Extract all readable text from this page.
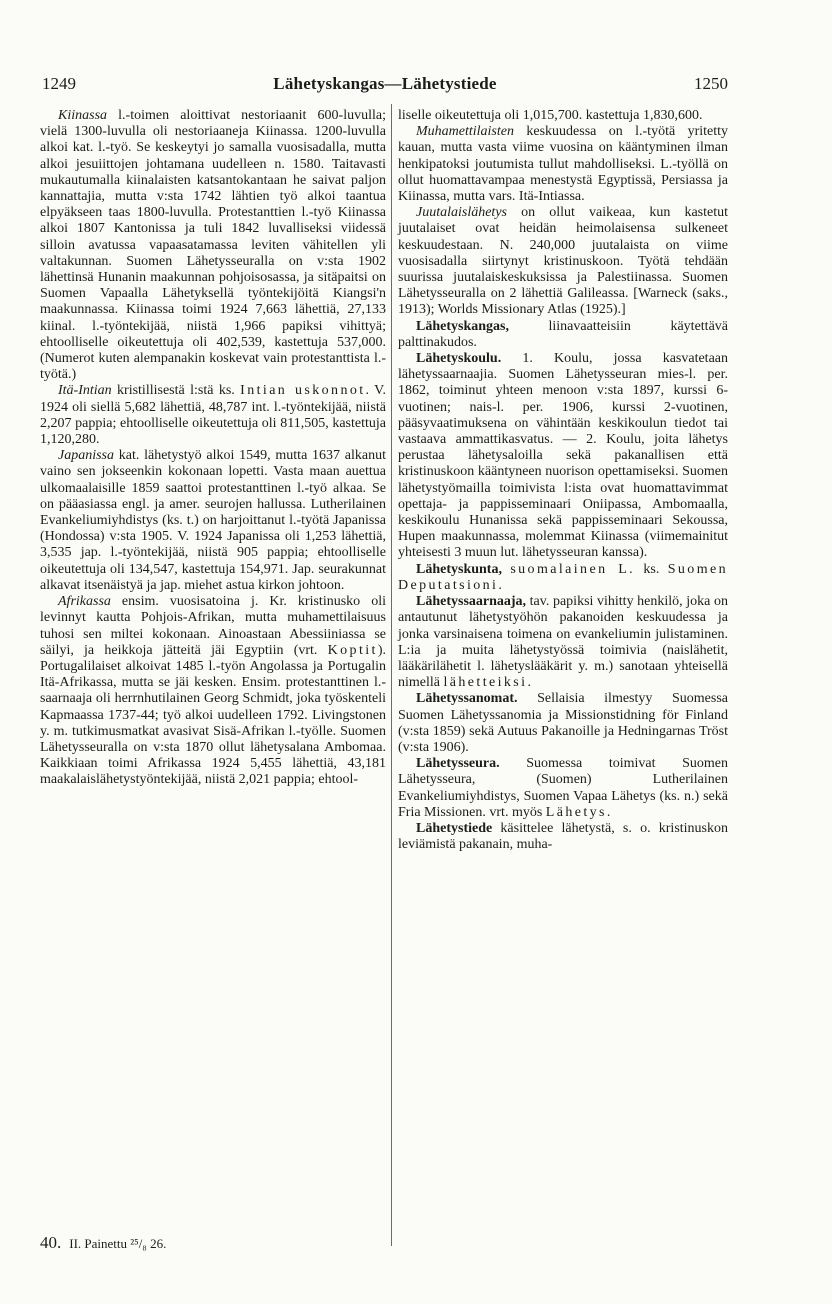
Lähetyskangas—Lähetystiede
1249	1250

Kiinassa l.-toimen aloittivat nestoriaanit 600-luvulla; vielä 1300-luvulla oli nestoriaaneja Kiinassa. 1200-luvulla alkoi kat. l.-työ. Se keskeytyi jo samalla vuosisadalla, mutta alkoi jesuiittojen johtamana uudelleen n. 1580. Taitavasti mukautumalla kiinalaisten katsantokantaan he saivat paljon kannattajia, mutta v:sta 1742 lähtien työ alkoi taantua elpyäkseen taas 1800-luvulla. Protestanttien l.-työ Kiinassa alkoi 1807 Kantonissa ja tuli 1842 luvalliseksi viidessä silloin avatussa vapaasatamassa leviten vähitellen yli valtakunnan. Suomen Lähetysseuralla on v:sta 1902 lähettinsä Hunanin maakunnan pohjoisosassa, ja sitäpaitsi on Suomen Vapaalla Lähetyksellä työntekijöitä Kiangsi'n maakunnassa. Kiinassa toimi 1924 7,663 lähettiä, 27,133 kiinal. l.-työntekijää, niistä 1,966 papiksi vihittyä; ehtoolliselle oikeutettuja oli 402,539, kastettuja 537,000. (Numerot kuten alempanakin koskevat vain protestanttista l.-työtä.)

Itä-Intian kristillisestä l:stä ks. Intian uskonnot. V. 1924 oli siellä 5,682 lähettiä, 48,787 int. l.-työntekijää, niistä 2,207 pappia; ehtoolliselle oikeutettuja oli 811,505, kastettuja 1,120,280.

Japanissa kat. lähetystyö alkoi 1549, mutta 1637 alkanut vaino sen jokseenkin kokonaan lopetti. Vasta maan auettua ulkomaalaisille 1859 saattoi protestanttinen l.-työ alkaa. Se on pääasiassa engl. ja amer. seurojen hallussa. Lutherilainen Evankeliumiyhdistys (ks. t.) on harjoittanut l.-työtä Japanissa (Hondossa) v:sta 1905. V. 1924 Japanissa oli 1,253 lähettiä, 3,535 jap. l.-työntekijää, niistä 905 pappia; ehtoolliselle oikeutettuja oli 134,547, kastettuja 154,971. Jap. seurakunnat alkavat itsenäistyä ja jap. miehet astua kirkon johtoon.

Afrikassa ensim. vuosisatoina j. Kr. kristinusko oli levinnyt kautta Pohjois-Afrikan, mutta muhamettilaisuus tuhosi sen miltei kokonaan. Ainoastaan Abessiiniassa se säilyi, ja heikkoja jätteitä jäi Egyptiin (vrt. Koptit). Portugalilaiset alkoivat 1485 l.-työn Angolassa ja Portugalin Itä-Afrikassa, mutta se jäi kesken. Ensim. protestanttinen l.-saarnaaja oli herrnhutilainen Georg Schmidt, joka työskenteli Kapmaassa 1737-44; työ alkoi uudelleen 1792. Livingstonen y. m. tutkimusmatkat avasivat Sisä-Afrikan l.-työlle. Suomen Lähetysseuralla on v:sta 1870 ollut lähetysalana Ambomaa. Kaikkiaan toimi Afrikassa 1924 5,455 lähettiä, 43,181 maakalaislähetystyöntekijää, niistä 2,021 pappia; ehtool-

liselle oikeutettuja oli 1,015,700. kastettuja 1,830,600.

Muhamettilaisten keskuudessa on l.-työtä yritetty kauan, mutta vasta viime vuosina on kääntyminen ilman henkipatoksi joutumista tullut mahdolliseksi. L.-työllä on ollut huomattavampaa menestystä Egyptissä, Persiassa ja Kiinassa, mutta vars. Itä-Intiassa.

Juutalaislähetys on ollut vaikeaa, kun kastetut juutalaiset ovat heidän heimolaisensa sulkeneet keskuudestaan. N. 240,000 juutalaista on viime vuosisadalla siirtynyt kristinuskoon. Työtä tehdään suurissa juutalaiskeskuksissa ja Palestiinassa. Suomen Lähetysseuralla on 2 lähettiä Galileassa. [Warneck (saks., 1913); Worlds Missionary Atlas (1925).]

Lähetyskangas, liinavaatteisiin käytettävä palttinakudos.

Lähetyskoulu. 1. Koulu, jossa kasvatetaan lähetyssaarnaajia. Suomen Lähetysseuran mies-l. per. 1862, toiminut yhteen menoon v:sta 1897, kurssi 6-vuotinen; nais-l. per. 1906, kurssi 2-vuotinen, pääsyvaatimuksena on vähintään keskikoulun tiedot tai vastaava ammattikasvatus. — 2. Koulu, joita lähetys perustaa lähetysaloilla sekä pakanallisen että kristinuskoon kääntyneen nuorison opettamiseksi. Suomen lähetystyömailla toimivista l:ista ovat huomattavimmat opettaja- ja pappisseminaari Oniipassa, Ambomaalla, keskikoulu Hunanissa sekä pappisseminaari Sekoussa, Hupen maakunnassa, molemmat Kiinassa (viimemainitut yhteisesti 3 muun lut. lähetysseuran kanssa).

Lähetyskunta, suomalainen L. ks. Suomen Deputatsioni.

Lähetyssaarnaaja, tav. papiksi vihitty henkilö, joka on antautunut lähetystyöhön pakanoiden keskuudessa ja jonka varsinaisena toimena on evankeliumin julistaminen. L:ia ja muita lähetystyössä toimivia (naislähetit, lääkärilähetit l. lähetyslääkärit y. m.) sanotaan yhteisellä nimellä lähetteiksi.

Lähetyssanomat. Sellaisia ilmestyy Suomessa Suomen Lähetyssanomia ja Missionstidning för Finland (v:sta 1859) sekä Autuus Pakanoille ja Hedningarnas Tröst (v:sta 1906).

Lähetysseura. Suomessa toimivat Suomen Lähetysseura, (Suomen) Lutherilainen Evankeliumiyhdistys, Suomen Vapaa Lähetys (ks. n.) sekä Fria Missionen. vrt. myös Lähetys.

Lähetystiede käsittelee lähetystä, s. o. kristinuskon leviämistä pakanain, muha-

40. II. Painettu ²⁵/₈ 26.
